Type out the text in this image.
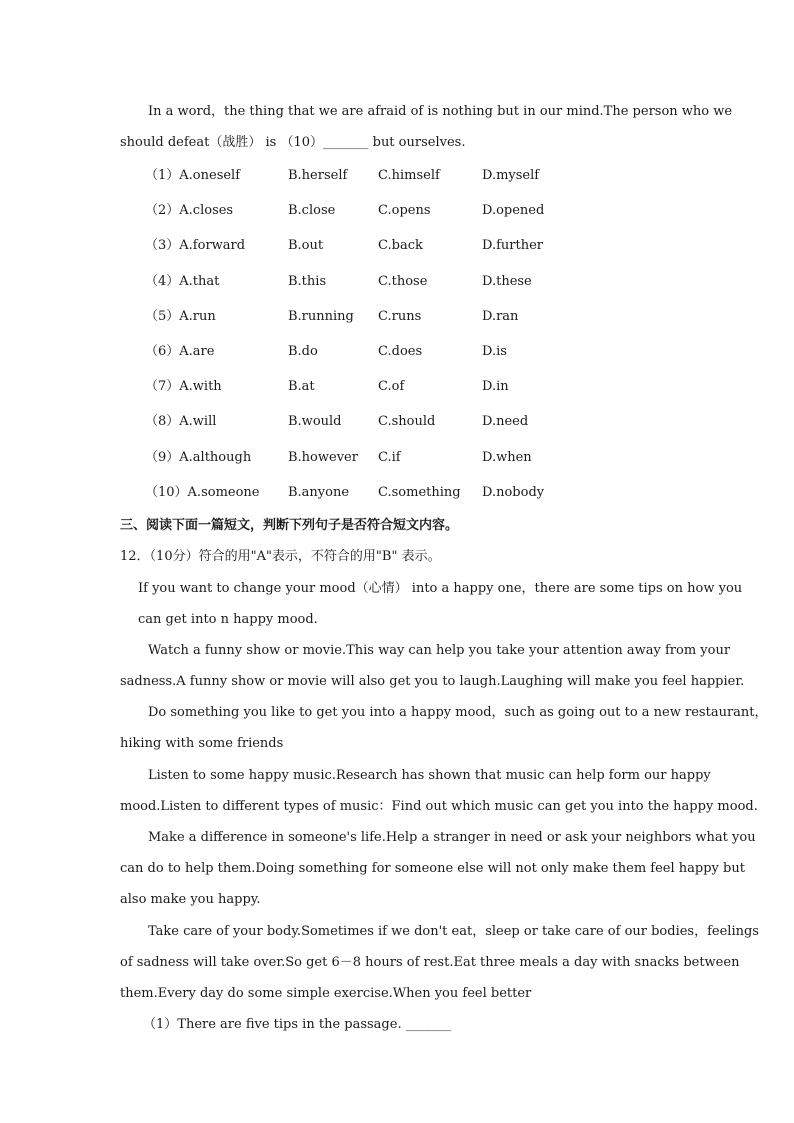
In a word，the thing that we are afraid of is nothing but in our mind.The person who we
should defeat（战胜） is （10）_______ but ourselves.
（1）A.oneself	B.herself C.himself	D.myself
（2）A.closes	B.close	C.opens	D.opened
（3）A.forward	B.out	C.back	D.further
（4）A.that	B.this	C.those	D.these
（5）A.run	B.running C.runs	D.ran
（6）A.are	B.do	C.does	D.is
（7）A.with	B.at	C.of	D.in
（8）A.will	B.would	C.should	D.need
（9）A.although	B.however C.if	D.when
（10）A.someone B.anyone C.something D.nobody
三、阅读下面一篇短文，判断下列句子是否符合短文内容。
12．（10分）符合的用"A"表示，不符合的用"B" 表示。
If you want to change your mood（心情） into a happy one，there are some tips on how you
can get into n happy mood.
Watch a funny show or movie.This way can help you take your attention away from your
sadness.A funny show or movie will also get you to laugh.Laughing will make you feel happier.
Do something you like to get you into a happy mood，such as going out to a new restaurant，
hiking with some friends
Listen to some happy music.Research has shown that music can help form our happy
mood.Listen to different types of music：Find out which music can get you into the happy mood.
Make a difference in someone's life.Help a stranger in need or ask your neighbors what you
can do to help them.Doing something for someone else will not only make them feel happy but
also make you happy.
Take care of your body.Sometimes if we don't eat，sleep or take care of our bodies，feelings
of sadness will take over.So get 6－8 hours of rest.Eat three meals a day with snacks between
them.Every day do some simple exercise.When you feel better
（1）There are five tips in the passage. _______
